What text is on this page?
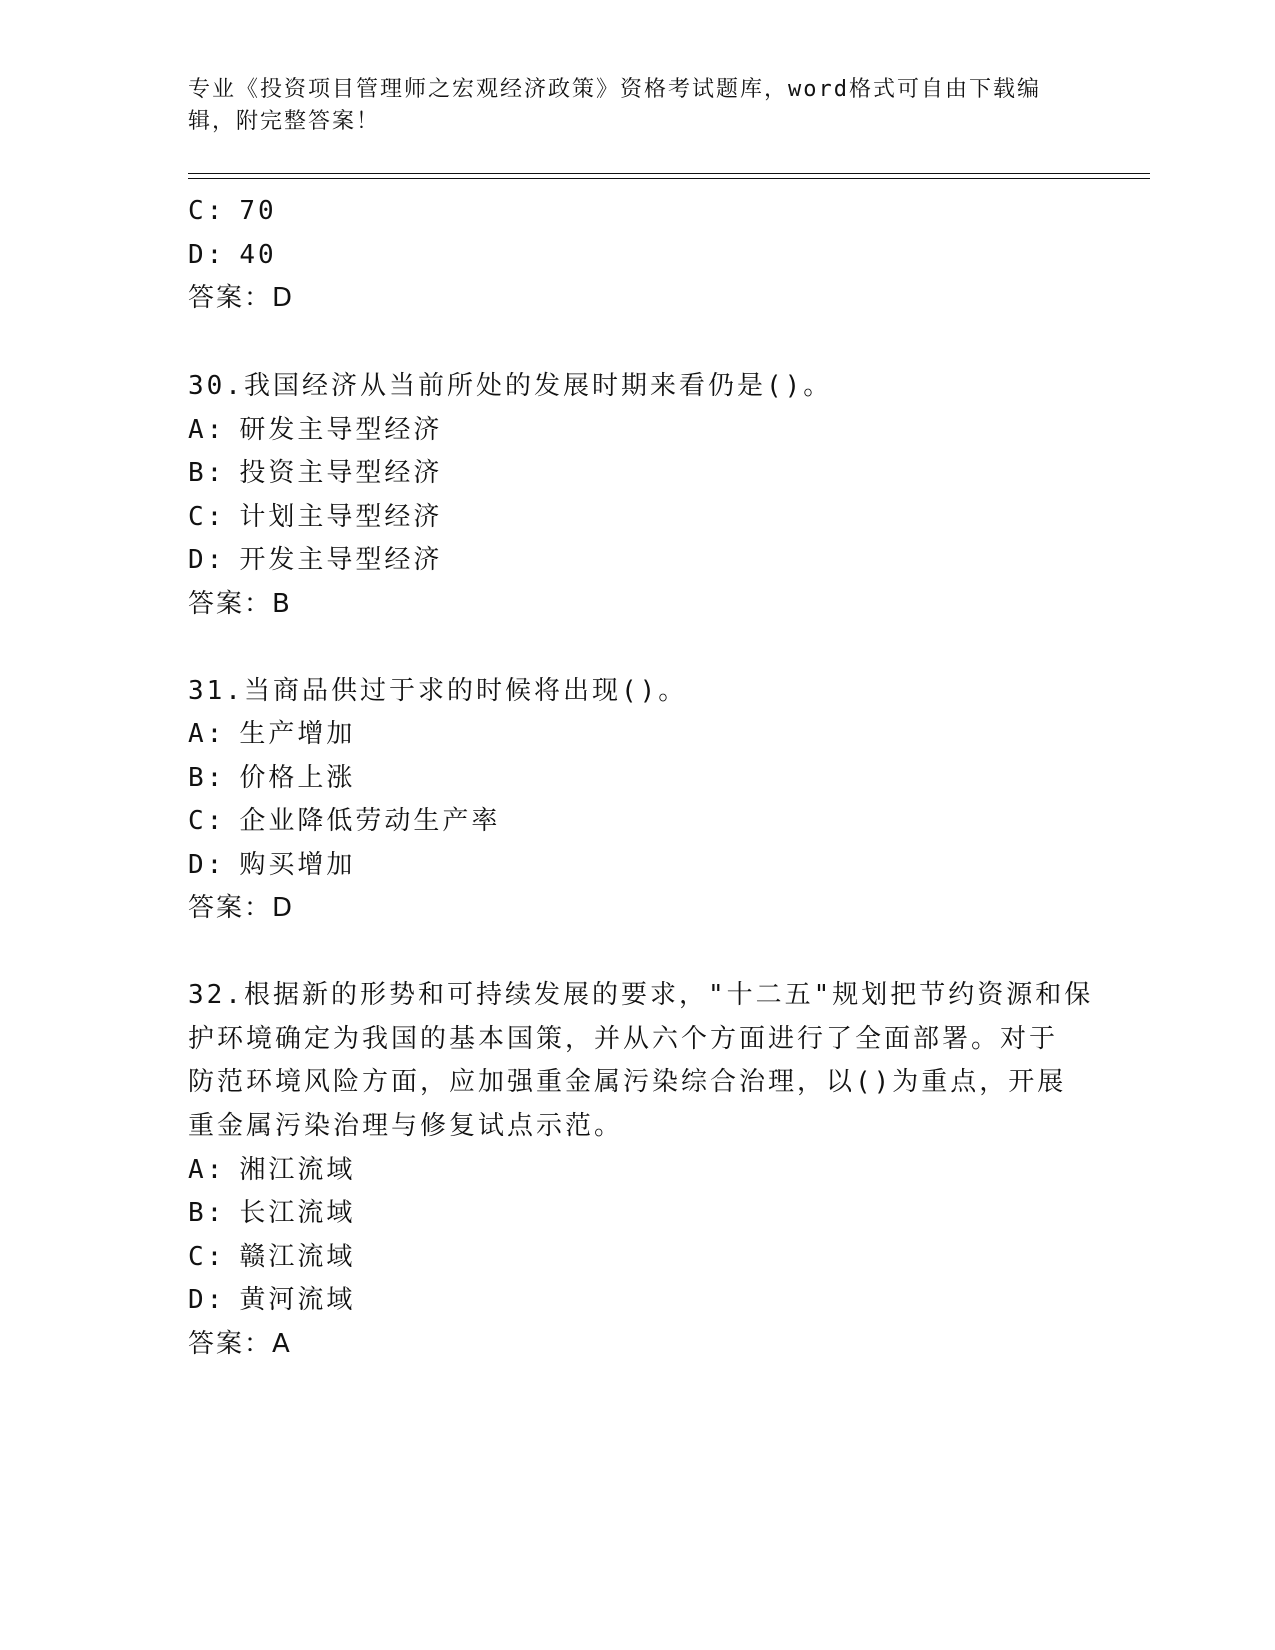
专业《投资项目管理师之宏观经济政策》资格考试题库，word格式可自由下载编
辑，附完整答案！
C: 70
D: 40
答案：D
30.我国经济从当前所处的发展时期来看仍是()。
A: 研发主导型经济
B: 投资主导型经济
C: 计划主导型经济
D: 开发主导型经济
答案：B
31.当商品供过于求的时候将出现()。
A: 生产增加
B: 价格上涨
C: 企业降低劳动生产率
D: 购买增加
答案：D
32.根据新的形势和可持续发展的要求，"十二五"规划把节约资源和保
护环境确定为我国的基本国策，并从六个方面进行了全面部署。对于
防范环境风险方面，应加强重金属污染综合治理，以()为重点，开展
重金属污染治理与修复试点示范。
A: 湘江流域
B: 长江流域
C: 赣江流域
D: 黄河流域
答案：A
